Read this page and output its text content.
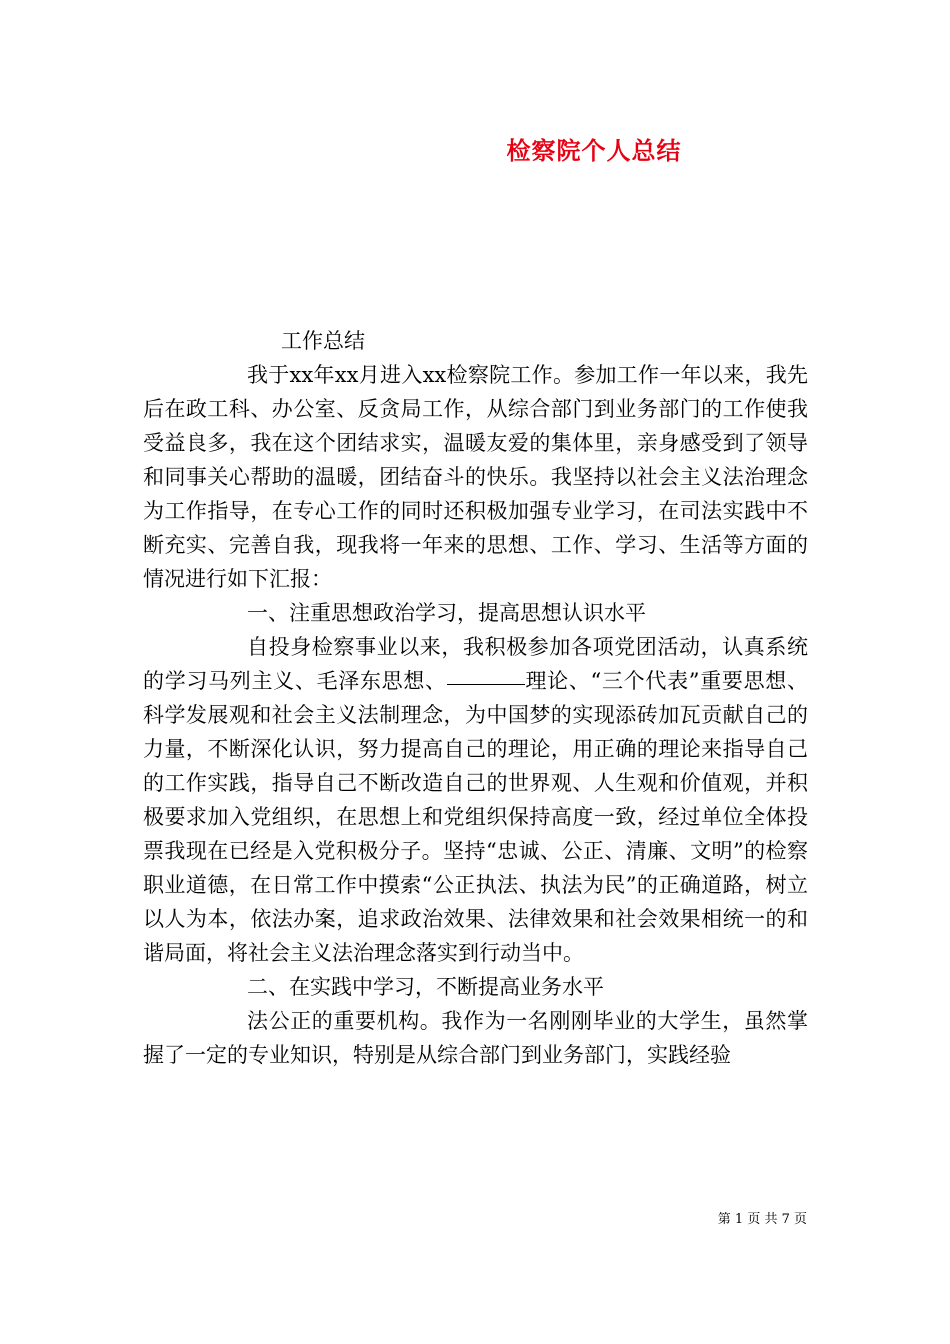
检察院个人总结

工作总结

我于xx年xx月进入xx检察院工作。参加工作一年以来，我先后在政工科、办公室、反贪局工作，从综合部门到业务部门的工作使我受益良多，我在这个团结求实，温暖友爱的集体里，亲身感受到了领导和同事关心帮助的温暖，团结奋斗的快乐。我坚持以社会主义法治理念为工作指导，在专心工作的同时还积极加强专业学习，在司法实践中不断充实、完善自我，现我将一年来的思想、工作、学习、生活等方面的情况进行如下汇报：

一、注重思想政治学习，提高思想认识水平

自投身检察事业以来，我积极参加各项党团活动，认真系统的学习马列主义、毛泽东思想、	理论、“三个代表”重要思想、科学发展观和社会主义法制理念，为中国梦的实现添砖加瓦贡献自己的力量，不断深化认识，努力提高自己的理论，用正确的理论来指导自己的工作实践，指导自己不断改造自己的世界观、人生观和价值观，并积极要求加入党组织，在思想上和党组织保持高度一致，经过单位全体投票我现在已经是入党积极分子。坚持“忠诚、公正、清廉、文明”的检察职业道德，在日常工作中摸索“公正执法、执法为民”的正确道路，树立以人为本，依法办案，追求政治效果、法律效果和社会效果相统一的和谐局面，将社会主义法治理念落实到行动当中。

二、在实践中学习，不断提高业务水平

法公正的重要机构。我作为一名刚刚毕业的大学生，虽然掌握了一定的专业知识，特别是从综合部门到业务部门，实践经验

第 1 页 共 7 页
